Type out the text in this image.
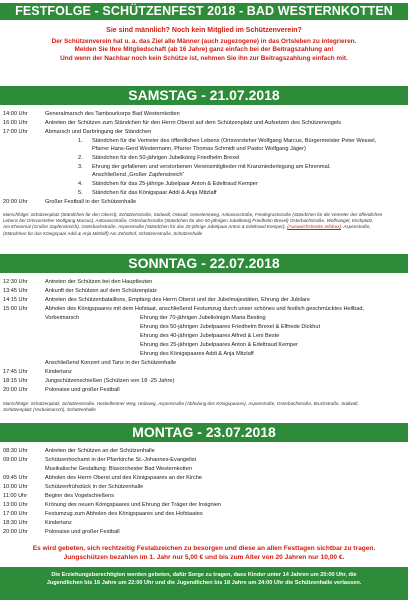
FESTFOLGE - SCHÜTZENFEST 2018 - BAD WESTERNKOTTEN
Sie sind männlich? Noch kein Mitglied im Schützenverein?
Der Schützenverein hat u. a. das Ziel alle Männer (auch zugezogene) in das Ortsleben zu integrieren.
Melden Sie Ihre Mitgliedschaft (ab 16 Jahre) ganz einfach bei der Beitragszahlung an!
Und wenn der Nachbar noch kein Schütze ist, nehmen Sie ihn zur Beitragszahlung einfach mit.
SAMSTAG - 21.07.2018
14:00 Uhr	Generalmarsch des Tambourkorps Bad Westernkotten
16:00 Uhr	Antreten der Schützen zum Ständchen für den Herrn Oberst auf dem Schützenplatz und Aufsetzen des Schützenvogels
17:00 Uhr	Abmarsch und Darbringung der Ständchen
1. Ständchen für die Vertreter des öffentlichen Lebens (Ortsvorsteher Wolfgang Marcus, Bürgermeister Peter Wessel,
Pfarrer Hans-Gerd Westermann, Pfarrer Thomas Schmidt und Pastor Wolfgang Jäger)
2. Ständchen für den 50-jährigen Jubelkönig Friedhelm Brexel
3. Ehrung der gefallenen und verstorbenen Vereinsmitglieder mit Kranzniederlegung am Ehrenmal.
Anschließend „Großer Zapfenstreich“
4. Ständchen für das 25-jährige Jubelpaar Anton & Edeltraud Kemper
5. Ständchen für das Königspaar Addi & Anja Mitzlaff
20:00 Uhr	Großer Festball in der Schützenhalle
Marschfolge: Schützenplatz (Ständchen für den Oberst), Schützenstraße, Südwall, Ostwall, Geiseleneweg, Antoniusstraße, Friedegraststraße (Ständchen für die Vertreter des öffentlichen
Lebens bei Ortsvorsteher Wolfgang Marcus), Antoniusstraße, Osterbachstraße (Ständchen für den 50-jährigen Jubelkönig Friedhelm Brexel) Osterbachstraße, Wolfsangel, Kirchplatz,
Am Ehrenmal (Großer Zapfenstreich), Osterbachstraße, Aspenstraße (Ständchen für das 25-jährige Jubelpaar Anton & Edeltraud Kemper), (Ausweichstrecke Infobox), Aspenstraße,
(Ständchen für das Königspaar Addi & Anja Mitzlaff) Am Zehnthof, Schützenstraße, Schützenhalle
SONNTAG - 22.07.2018
12:30 Uhr	Antreten der Schützen bei den Hauptleuten
13:45 Uhr	Ankunft der Schützen auf dem Schützenplatz
14:15 Uhr	Antreten des Schützenbataillons, Empfang des Herrn Oberst und der Jubelmajestäten, Ehrung der Jubilare
15:00 Uhr	Abholen des Königspaares mit dem Hofstaat, anschließend Festumzug durch unser schönes und festlich geschmücktes Heilbad,
Vorbeimarsch	Ehrung der 70-jährigen Jubelkönigin Maria Besting
Ehrung des 50-jährigen Jubelpaares Friedhelm Brexel & Elfriede Dickhut
Ehrung des 40-jährigen Jubelpaares Alfred & Leni Beste
Ehrung des 25-jährigen Jubelpaares Anton & Edeltraud Kemper
Ehrung des Königspaares Addi & Anja Mitzlaff
Anschließend Konzert und Tanz in der Schützenhalle
17:45 Uhr	Kindertanz
18:15 Uhr	Jungschützenschießen (Schützen von 18 -25 Jahre)
20:00 Uhr	Polonaise und großer Festball
Marschfolge: Schützenplatz, Schützenstraße, Hockelheimer Weg, Holzweg, Aspenstraße (Abholung des Königspaares), Aspenstraße, Osterbachstraße, Bruchstraße, Südwall,
Schützenplatz (Vorbeimarsch), Schützenhalle
MONTAG - 23.07.2018
08:30 Uhr	Antreten der Schützen an der Schützenhalle
09:00 Uhr	Schützenhochamt in der Pfarrkirche St.-Johannes-Evangelist
Musikalische Gestaltung: Blasorchester Bad Westernkotten
09:45 Uhr	Abholen des Herrn Oberst und des Königspaares an der Kirche
10:00 Uhr	Schützenfrühstück in der Schützenhalle
11:00 Uhr	Beginn des Vogelschießens
13:00 Uhr	Krönung des neuen Königspaares und Ehrung der Träger der Insignien
17:00 Uhr	Festumzug zum Abholen des Königspaares und des Hofstaates
18:30 Uhr	Kindertanz
20:00 Uhr	Polonaise und großer Festball
Es wird gebeten, sich rechtzeitig Festabzeichen zu besorgen und diese an allen Festtagen sichtbar zu tragen.
Jungschützen bezahlen im 1. Jahr nur 5,00 € und bis zum Alter von 20 Jahren nur 10,00 €.
Die Erziehungsberechtigten werden gebeten, dafür Sorge zu tragen, dass Kinder unter 14 Jahren um 20:00 Uhr, die
Jugendlichen bis 16 Jahre um 22:00 Uhr und die Jugendlichen bis 18 Jahre um 24:00 Uhr die Schützenhalle verlassen.
